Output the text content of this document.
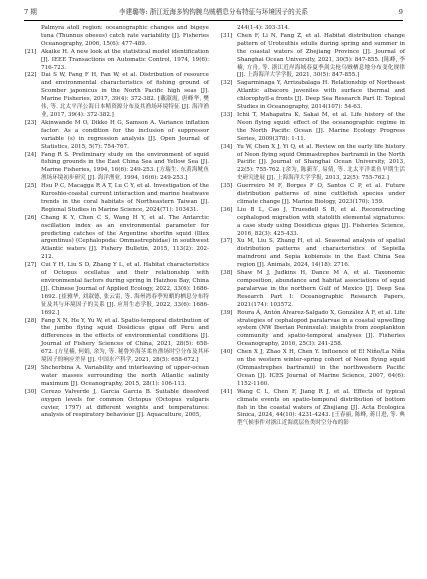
7 期	李建璐等: 浙江近海多钩钩腕乌贼栖息分布特征与环境因子的关系	9

Palmyra atoll region: oceanographic changes and bigeye tuna (Thunnus obesus) catch rate variability [J]. Fisheries Oceanography, 2006, 15(6): 477-489.

[21] Akaike H. A new look at the statistical model identification [J]. IEEE Transactions on Automatic Control, 1974, 19(6): 716-723.

[22] Dai S W, Fang F H, Fan W, et al. Distribution of resource and environmental characteristics of fishing ground of Scomber japonicus in the North Pacific high seas [J]. Marine Fisheries, 2017, 39(4): 372-382. [戴淑霞, 唐峰华, 樊伟, 等. 北太平洋公海日本鲭资源分布及其渔场环境特征 [J]. 海洋渔业, 2017, 39(4): 372-382.]

[23] Akinwande M O, Dikko H G, Samson A. Variance inflation factor: As a condition for the inclusion of suppressor variable (s) in regression analysis [J]. Open Journal of Statistics, 2015, 5(7): 754-767.

[24] Fang R S. Preliminary study on the environment of squid fishing grounds in the East China Sea and Yellow Sea [J]. Marine Fisheries, 1994, 16(6): 249-253. [方瑞生. 东黄海鱿鱼渔场环境初步研究 [J]. 海洋渔业, 1994, 16(6): 249-253.]

[25] Hsu P C, Macagga R A T, Lu C Y, et al. Investigation of the Kuroshio-coastal current interaction and marine heatwave trends in the coral habitats of Northeastern Taiwan [J]. Regional Studies in Marine Science, 2024(71): 103431.

[26] Chang K Y, Chen C S, Wang H Y, et al. The Antarctic oscillation index as an environmental parameter for predicting catches of the Argentine shortfin squid (Illex argentinus) (Cephalopoda: Ommastrephidae) in southwest Atlantic waters [J]. Fishery Bulletin, 2015, 113(2): 202-212.

[27] Cui Y H, Liu S D, Zhang Y L, et al. Habitat characteristics of Octopus ocellatus and their relationship with environmental factors during spring in Haizhou Bay, China [J]. Chinese Journal of Applied Ecology, 2022, 33(6): 1686-1692. [崔雅华, 刘淑德, 张云雷, 等. 海州湾春季短蛸的栖息分布特征及其与环境因子的关系 [J]. 应用生态学报, 2022, 33(6): 1686-1692.]

[28] Fang X N, He Y, Yu W, et al. Spatio-temporal distribution of the jumbo flying squid Dosidicus gigas off Peru and differences in the effects of environmental conditions [J]. Journal of Fishery Sciences of China, 2021, 28(5): 658-672. [方星楠, 何娟, 余为, 等. 秘鲁外海茎柔鱼渔场时空分布及其环境因子的响应差异 [J]. 中国水产科学, 2021, 28(5): 658-672.]

[29] Shcherbina A. Variability and interleaving of upper-ocean water masses surrounding the north Atlantic salinity maximum [J]. Oceanography, 2015, 28(1): 106-113.

[30] Cerezo Valverde J, Garcia Garcia B. Suitable dissolved oxygen levels for common Octopus (Octopus vulgaris cuvier, 1797) at different weights and temperatures: analysis of respiratory behaviour [J]. Aquaculture, 2005,

244(1-4): 303-314.

[31] Chen F, Li N, Fang Z, et al. Habitat distribution change pattern of Uroteuthis edulis during spring and summer in the coastal waters of Zhejiang Province [J]. Journal of Shanghai Ocean University, 2021, 30(5): 847-855. [陈峰, 李楠, 方舟, 等. 浙江近岸海域春夏季剑尖枪乌贼栖息地分布变化规律 [J]. 上海海洋大学学报, 2021, 30(5): 847-855.]

[32] Sagarminaga Y, Arrizabalaga H. Relationship of Northeast Atlantic albacore juveniles with surface thermal and chlorophyll-a fronts [J]. Deep Sea Research Part II: Topical Studies in Oceanography, 2014(107): 54-63.

[33] Ichii T, Mahapatra K, Sakai M, et al. Life history of the Neon flying squid: effect of the oceanographic regime in the North Pacific Ocean [J]. Marine Ecology Progress Series, 2009(378): 1-11.

[34] Yu W, Chen X J, Yi Q, et al. Review on the early life history of Neon flying squid Ommastrephes bartramii in the North Pacific [J]. Journal of Shanghai Ocean University, 2013, 22(5): 755-762. [余为, 陈新军, 易倩, 等. 北太平洋柔鱼早期生活史研究进展 [J]. 上海海洋大学学报, 2013, 22(5): 755-762.]

[35] Guerreiro M F, Borges F O, Santos C P, et al. Future distribution patterns of nine cuttlefish species under climate change [J]. Marine Biology, 2023(170): 159.

[36] Liu B L, Cao J, Truesdell S B, et al. Reconstructing cephalopod migration with statolith elemental signatures: a case study using Dosidicus gigas [J]. Fisheries Science, 2016, 82(3): 425-433.

[37] Xu M, Liu S, Zhang H, et al. Seasonal analysis of spatial distribution patterns and characteristics of Sepiella maindroni and Sepia kobiensis in the East China Sea region [J]. Animals, 2024, 14(18): 2716.

[38] Shaw M J, Judkins H, Dance M A, et al. Taxonomic composition, abundance and habitat associations of squid paralarvae in the northern Gulf of Mexico [J]. Deep Sea Research Part I: Oceanographic Research Papers, 2021(174): 103572.

[39] Roura Á, Antón Álvarez-Salgado X, González Á F, et al. Life strategies of cephalopod paralarvae in a coastal upwelling system (NW Iberian Peninsula): insights from zooplankton community and spatio-temporal analyses [J]. Fisheries Oceanography, 2016, 25(3): 241-258.

[40] Chen X J, Zhao X H, Chen Y. Influence of El Niño/La Niña on the western winter-spring cohort of Neon flying squid (Ommastrephes bartramii) in the northwestern Pacific Ocean [J]. ICES Journal of Marine Science, 2007, 64(6): 1152-1160.

[41] Wang C L, Chen F, Jiang R J, et al. Effects of typical climate events on spatio-temporal distribution of bottom fish in the coastal waters of Zhejiang [J]. Acta Ecologica Sinica, 2024, 44(10): 4231-4243. [王春丽, 陈峰, 蒋日进, 等. 典型气候事件对浙江近海底层鱼类时空分布的影
